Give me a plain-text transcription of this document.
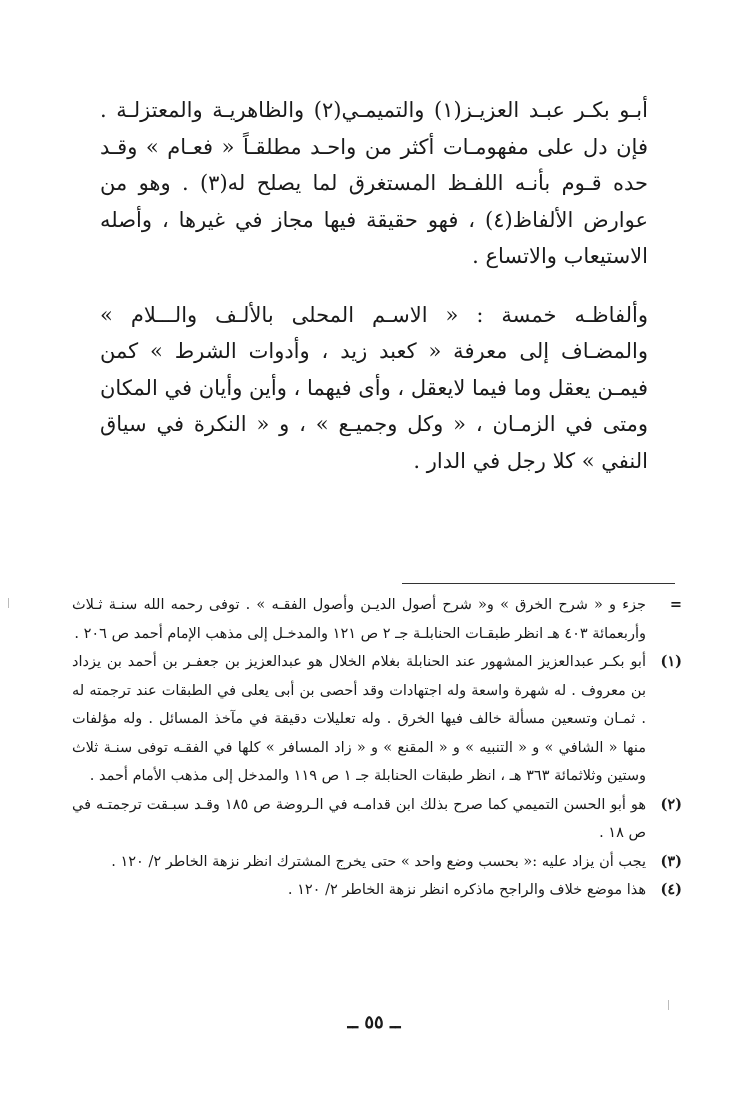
أبـو بكـر عبـد العزيـز(١) والتميمـي(٢) والظاهريـة والمعتزلـة . فإن دل على مفهومـات أكثر من واحـد مطلقـاً « فعـام » وقـد حده قـوم بأنـه اللفـظ المستغرق لما يصلح له(٣) . وهو من عوارض الألفاظ(٤) ، فهو حقيقة فيها مجاز في غيرها ، وأصله الاستيعاب والاتساع .

وألفاظـه خمسة : « الاسـم المحلى بالألـف والـــلام » والمضـاف إلى معرفة « كعبد زيد ، وأدوات الشرط » كمن فيمـن يعقل وما فيما لايعقل ، وأى فيهما ، وأين وأيان في المكان ومتى في الزمـان ، « وكل وجميـع » ، و « النكرة في سياق النفي » كلا رجل في الدار .

=
جزء و « شرح الخرق » و« شرح أصول الديـن وأصول الفقـه » . توفى رحمه الله سنـة ثـلاث وأربعمائة ٤٠٣ هـ انظر طبقـات الحنابلـة جـ ٢ ص ١٢١ والمدخـل إلى مذهب الإمام أحمد ص ٢٠٦ .
(١)
أبو بكـر عبدالعزيز المشهور عند الحنابلة بغلام الخلال هو عبدالعزيز بن جعفـر بن أحمد بن يزداد بن معروف . له شهرة واسعة وله اجتهادات وقد أحصى بن أبى يعلى في الطبقات عند ترجمته له . ثمـان وتسعين مسألة خالف فيها الخرق . وله تعليلات دقيقة في مآخذ المسائل . وله مؤلفات منها « الشافي » و « التنبيه » و « المقنع » و « زاد المسافر » كلها في الفقـه توفى سنـة ثلاث وستين وثلاثمائة ٣٦٣ هـ ، انظر طبقات الحنابلة جـ ١ ص ١١٩ والمدخل إلى مذهب الأمام أحمد .
(٢)
هو أبو الحسن التميمي كما صرح بذلك ابن قدامـه في الـروضة ص ١٨٥ وقـد سبـقت ترجمتـه في ص ١٨ .
(٣)
يجب أن يزاد عليه :« بحسب وضع واحد » حتى يخرج المشترك انظر نزهة الخاطر ٢/ ١٢٠ .
(٤)
هذا موضع خلاف والراجح ماذكره انظر نزهة الخاطر ٢/ ١٢٠ .
ــ ٥٥ ــ
